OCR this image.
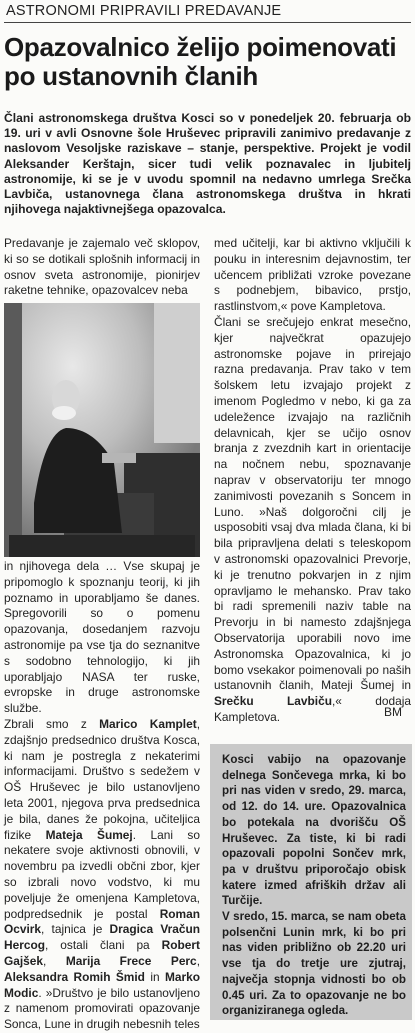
ASTRONOMI PRIPRAVILI PREDAVANJE
Opazovalnico želijo poimenovati po ustanovnih članih
Člani astronomskega društva Kosci so v ponedeljek 20. februarja ob 19. uri v avli Osnovne šole Hruševec pripravili zanimivo predavanje z naslovom Vesoljske raziskave – stanje, perspektive. Projekt je vodil Aleksander Kerštajn, sicer tudi velik poznavalec in ljubitelj astronomije, ki se je v uvodu spomnil na nedavno umrlega Srečka Lavbiča, ustanovnega člana astronomskega društva in hkrati njihovega najaktivnejšega opazovalca.

Predavanje je zajemalo več sklopov, ki so se dotikali splošnih informacij in osnov sveta astronomije, pionirjev raketne tehnike, opazovalcev neba

in njihovega dela … Vse skupaj je pripomoglo k spoznanju teorij, ki jih poznamo in uporabljamo še danes. Spregovorili so o pomenu opazovanja, dosedanjem razvoju astronomije pa vse tja do seznanitve s sodobno tehnologijo, ki jih uporabljajo NASA ter ruske, evropske in druge astronomske službe.

Zbrali smo z Marico Kamplet, zdajšnjo predsednico društva Kosca, ki nam je postregla z nekaterimi informacijami. Društvo s sedežem v OŠ Hruševec je bilo ustanovljeno leta 2001, njegova prva predsednica je bila, danes že pokojna, učiteljica fizike Mateja Šumej. Lani so nekatere svoje aktivnosti obnovili, v novembru pa izvedli občni zbor, kjer so izbrali novo vodstvo, ki mu poveljuje že omenjena Kampletova, podpredsednik je postal Roman Ocvirk, tajnica je Dragica Vračun Hercog, ostali člani pa Robert Gajšek, Marija Frece Perc, Aleksandra Romih Šmid in Marko Modic. »Društvo je bilo ustanovljeno z namenom promovirati opazovanje Sonca, Lune in drugih nebesnih teles

med učitelji, kar bi aktivno vključili k pouku in interesnim dejavnostim, ter učencem približati vzroke povezane s podnebjem, bibavico, prstjo, rastlinstvom,« pove Kampletova.

Člani se srečujejo enkrat mesečno, kjer največkrat opazujejo astronomske pojave in prirejajo razna predavanja. Prav tako v tem šolskem letu izvajajo projekt z imenom Pogledmo v nebo, ki ga za udeležence izvajajo na različnih delavnicah, kjer se učijo osnov branja z zvezdnih kart in orientacije na nočnem nebu, spoznavanje naprav v observatoriju ter mnogo zanimivosti povezanih s Soncem in Luno. »Naš dolgoročni cilj je usposobiti vsaj dva mlada člana, ki bi bila pripravljena delati s teleskopom v astronomski opazovalnici Prevorje, ki je trenutno pokvarjen in z njim opravljamo le mehansko. Prav tako bi radi spremenili naziv table na Prevorju in bi namesto zdajšnjega Observatorija uporabili novo ime Astronomska Opazovalnica, ki jo bomo vsekakor poimenovali po naših ustanovnih članih, Mateji Šumej in Srečku Lavbiču,« dodaja Kampletova.	BM

Kosci vabijo na opazovanje delnega Sončevega mrka, ki bo pri nas viden v sredo, 29. marca, od 12. do 14. ure. Opazovalnica bo potekala na dvorišču OŠ Hruševec. Za tiste, ki bi radi opazovali popolni Sončev mrk, pa v društvu priporočajo obisk katere izmed afriških držav ali Turčije.

V sredo, 15. marca, se nam obeta polsenčni Lunin mrk, ki bo pri nas viden približno ob 22.20 uri vse tja do tretje ure zjutraj, največja stopnja vidnosti bo ob 0.45 uri. Za to opazovanje ne bo organiziranega ogleda.
